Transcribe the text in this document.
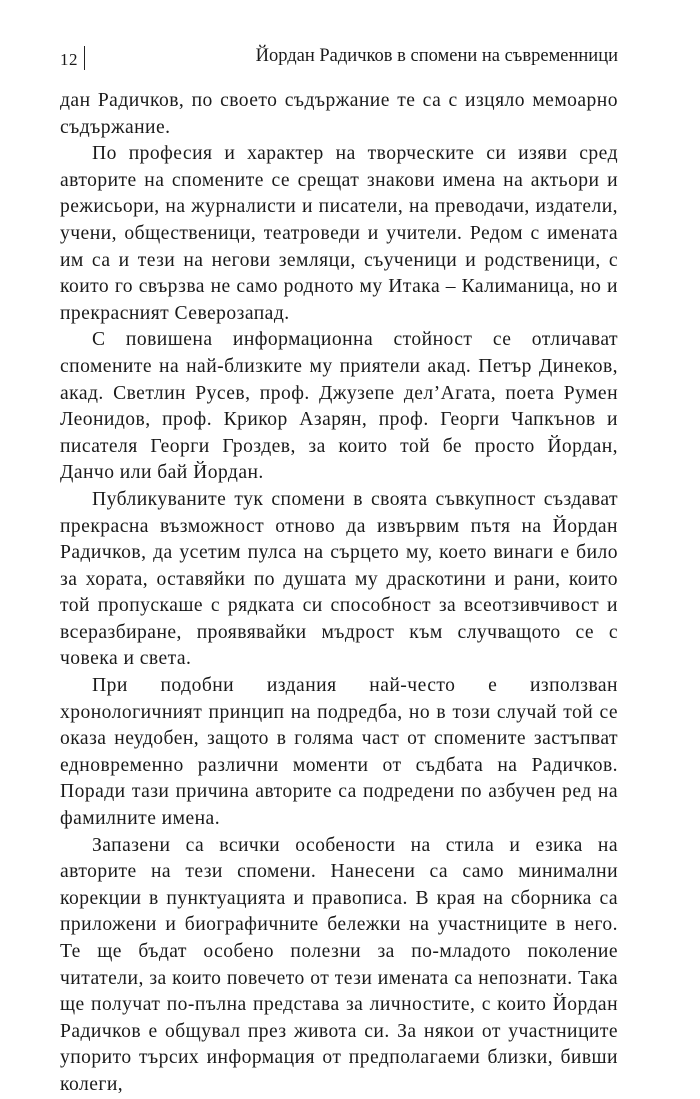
12	Йордан Радичков в спомени на съвременници

дан Радичков, по своето съдържание те са с изцяло мемоарно съдържание.

По професия и характер на творческите си изяви сред авторите на спомените се срещат знакови имена на актьори и режисьори, на журналисти и писатели, на преводачи, издатели, учени, общественици, театроведи и учители. Редом с имената им са и тези на негови земляци, съученици и родственици, с които го свързва не само родното му Итака – Калиманица, но и прекрасният Северозапад.

С повишена информационна стойност се отличават спомените на най-близките му приятели акад. Петър Динеков, акад. Светлин Русев, проф. Джузепе дел’Агата, поета Румен Леонидов, проф. Крикор Азарян, проф. Георги Чапкънов и писателя Георги Гроздев, за които той бе просто Йордан, Данчо или бай Йордан.

Публикуваните тук спомени в своята съвкупност създават прекрасна възможност отново да извървим пътя на Йордан Радичков, да усетим пулса на сърцето му, което винаги е било за хората, оставяйки по душата му драскотини и рани, които той пропускаше с рядката си способност за всеотзивчивост и всеразбиране, проявявайки мъдрост към случващото се с човека и света.

При подобни издания най-често е използван хронологичният принцип на подредба, но в този случай той се оказа неудобен, защото в голяма част от спомените застъпват едновременно различни моменти от съдбата на Радичков. Поради тази причина авторите са подредени по азбучен ред на фамилните имена.

Запазени са всички особености на стила и езика на авторите на тези спомени. Нанесени са само минимални корекции в пунктуацията и правописа. В края на сборника са приложени и биографичните бележки на участниците в него. Те ще бъдат особено полезни за по-младото поколение читатели, за които повечето от тези имената са непознати. Така ще получат по-пълна представа за личностите, с които Йордан Радичков е общувал през живота си. За някои от участниците упорито търсих информация от предполагаеми близки, бивши колеги,
